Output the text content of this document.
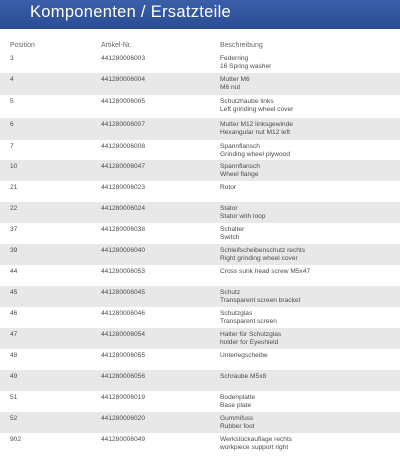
Komponenten / Ersatzteile
Position	Artikel-Nr.	Beschreibung
3	441280006003	Federring
16 Spring washer
4	441280006004	Mutter M6
M6 nut
5	441280006005	Schutzhaube links
Left grinding wheel cover
6	441280006007	Mutter M12 linksgewinde
Hexangular nut M12 left
7	441280006008	Spannflansch
Grinding wheel plywood
10	441280006047	Spannflansch
Wheel flange
21	441280006023	Rotor
22	441280006024	Stator
Stator with loop
37	441280006038	Schalter
Switch
39	441280006040	Schleifscheibenschutz rechts
Right grinding wheel cover
44	441280006053	Cross sunk head screw M5x47
45	441280006045	Schutz
Transparent screen bracket
46	441280006046	Schutzglas
Transparent screen
47	441280006054	Halter für Schutzglas
holder for Eyeshield
48	441280006055	Unterlegscheibe
49	441280006056	Schraube M5x8
51	441280006019	Bodenplatte
Base plate
52	441280006020	Gummifuss
Rubber foot
902	441280006049	Werkstückauflage rechts
workpiece support right
